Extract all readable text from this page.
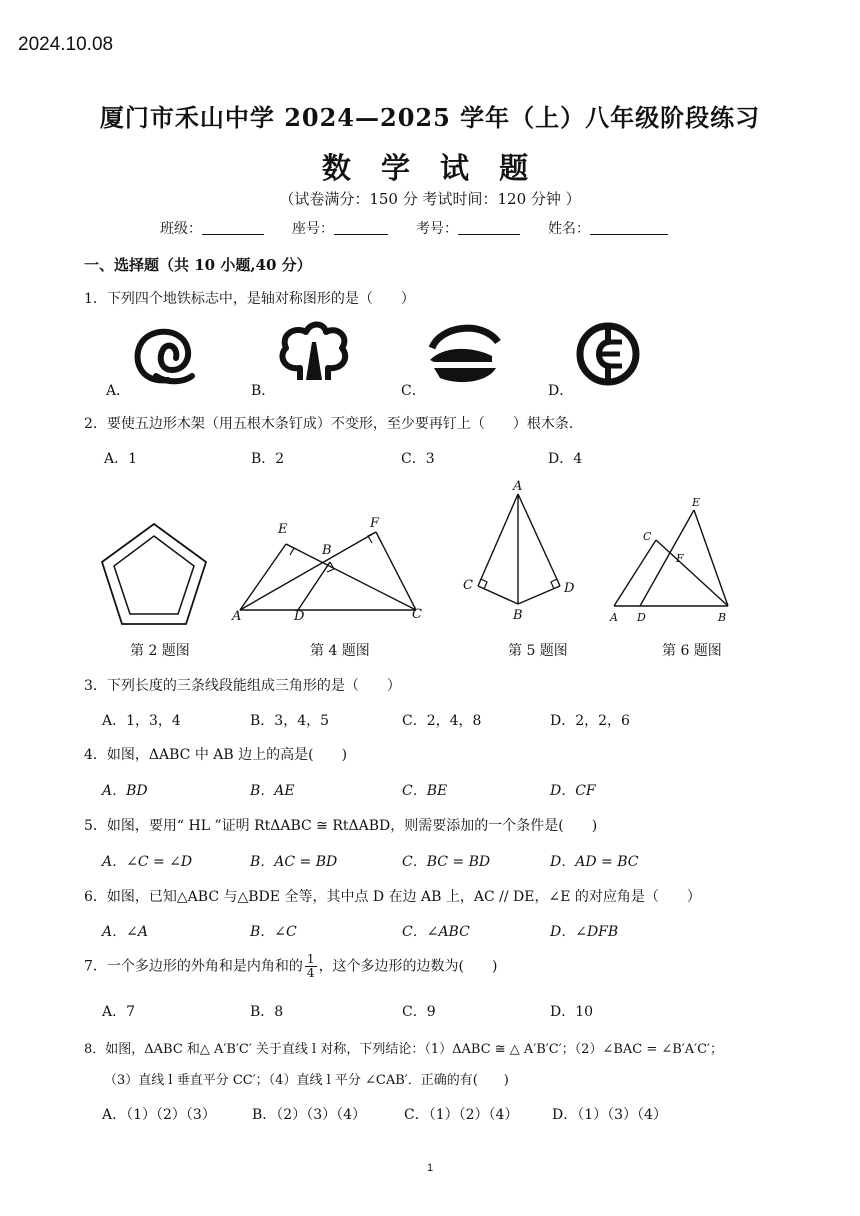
2024.10.08
厦门市禾山中学 2024—2025 学年（上）八年级阶段练习
数 学 试 题
（试卷满分：150 分 考试时间：120 分钟 ）
班级：	座号：	考号：	姓名：
一、选择题（共 10 小题,40 分）
1．下列四个地铁标志中，是轴对称图形的是（　　）
A．	B．	C．	D．
2．要使五边形木架（用五根木条钉成）不变形，至少要再钉上（　　）根木条．
A．1	B．2	C．3	D．4
E	F
B
A	D	C
A
C	D
B
E
C
F
A D	B
第 2 题图	第 4 题图	第 5 题图	第 6 题图
3．下列长度的三条线段能组成三角形的是（　　）
A．1，3，4	B．3，4，5	C．2，4，8	D．2，2，6
4．如图，ΔABC 中 AB 边上的高是(　　)
A．BD	B．AE	C．BE	D．CF
5．如图，要用“ HL ”证明 RtΔABC ≅ RtΔABD，则需要添加的一个条件是(　　)
A．∠C = ∠D	B．AC = BD	C．BC = BD	D．AD = BC
6．如图，已知△ABC 与△BDE 全等，其中点 D 在边 AB 上，AC // DE，∠E 的对应角是（　　）
A．∠A	B．∠C	C．∠ABC	D．∠DFB
7．一个多边形的外角和是内角和的 $\frac{1}{4}$ ，这个多边形的边数为(　　)
A．7	B．8	C．9	D．10
8．如图，ΔABC 和△ A′B′C′ 关于直线 l 对称，下列结论：（1）ΔABC ≅ △ A′B′C′；（2）∠BAC = ∠B′A′C′；
（3）直线 l 垂直平分 CC′；（4）直线 l 平分 ∠CAB′．正确的有(　　)
A．（1）（2）（3）	B．（2）（3）（4）	C．（1）（2）（4） D．（1）（3）（4）
1
